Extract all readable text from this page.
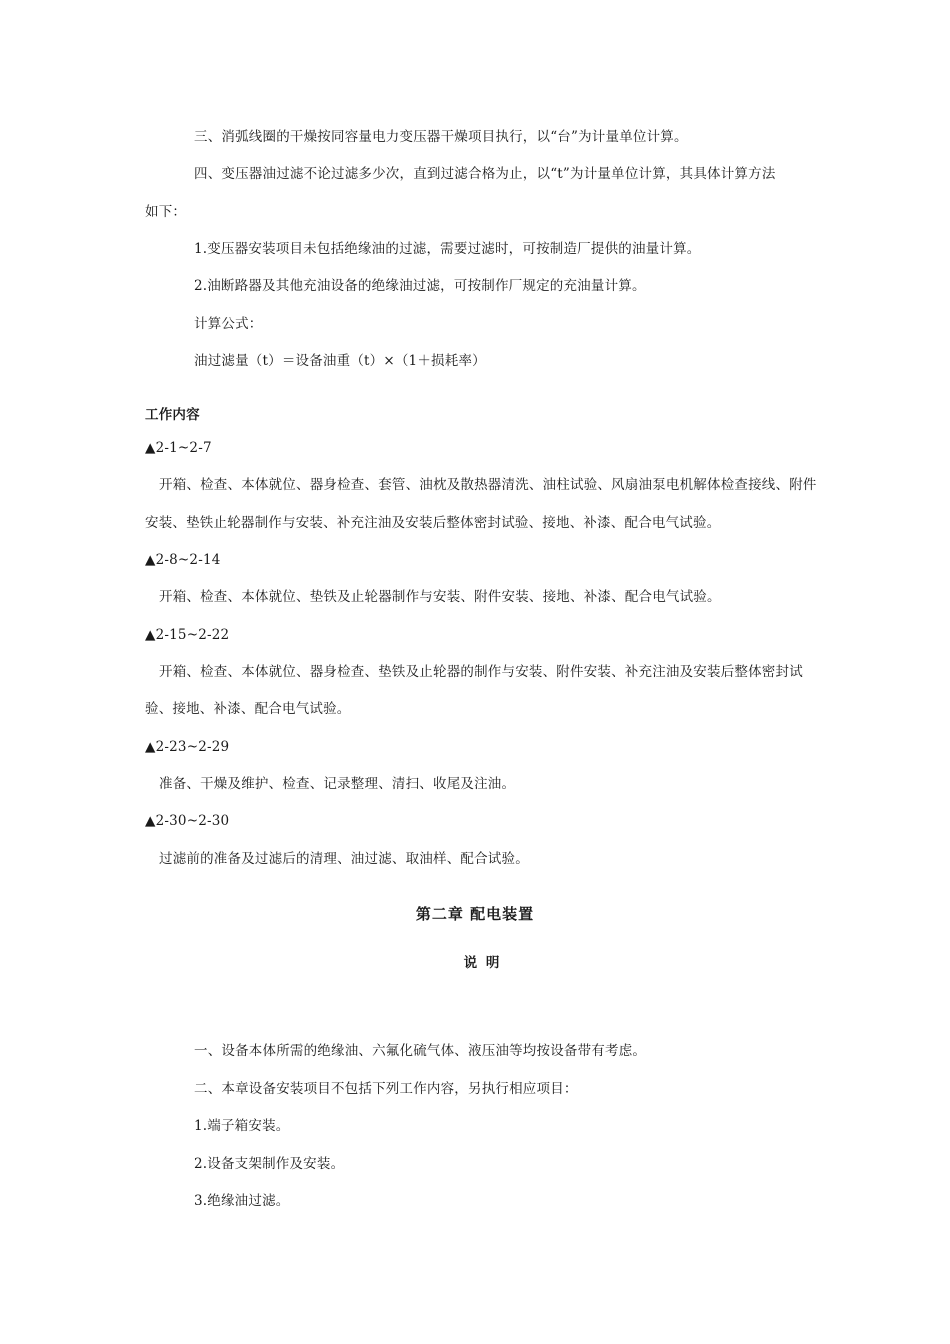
三、消弧线圈的干燥按同容量电力变压器干燥项目执行，以“台”为计量单位计算。
四、变压器油过滤不论过滤多少次，直到过滤合格为止，以“t”为计量单位计算，其具体计算方法
如下：
1.变压器安装项目未包括绝缘油的过滤，需要过滤时，可按制造厂提供的油量计算。
2.油断路器及其他充油设备的绝缘油过滤，可按制作厂规定的充油量计算。
计算公式：
油过滤量（t）＝设备油重（t）×（1＋损耗率）
工作内容
▲2-1~2-7
开箱、检查、本体就位、器身检查、套管、油枕及散热器清洗、油柱试验、风扇油泵电机解体检查接线、附件
安装、垫铁止轮器制作与安装、补充注油及安装后整体密封试验、接地、补漆、配合电气试验。
▲2-8~2-14
开箱、检查、本体就位、垫铁及止轮器制作与安装、附件安装、接地、补漆、配合电气试验。
▲2-15~2-22
开箱、检查、本体就位、器身检查、垫铁及止轮器的制作与安装、附件安装、补充注油及安装后整体密封试
验、接地、补漆、配合电气试验。
▲2-23~2-29
准备、干燥及维护、检查、记录整理、清扫、收尾及注油。
▲2-30~2-30
过滤前的准备及过滤后的清理、油过滤、取油样、配合试验。
第二章 配电装置
说 明
一、设备本体所需的绝缘油、六氟化硫气体、液压油等均按设备带有考虑。
二、本章设备安装项目不包括下列工作内容，另执行相应项目：
1.端子箱安装。
2.设备支架制作及安装。
3.绝缘油过滤。
